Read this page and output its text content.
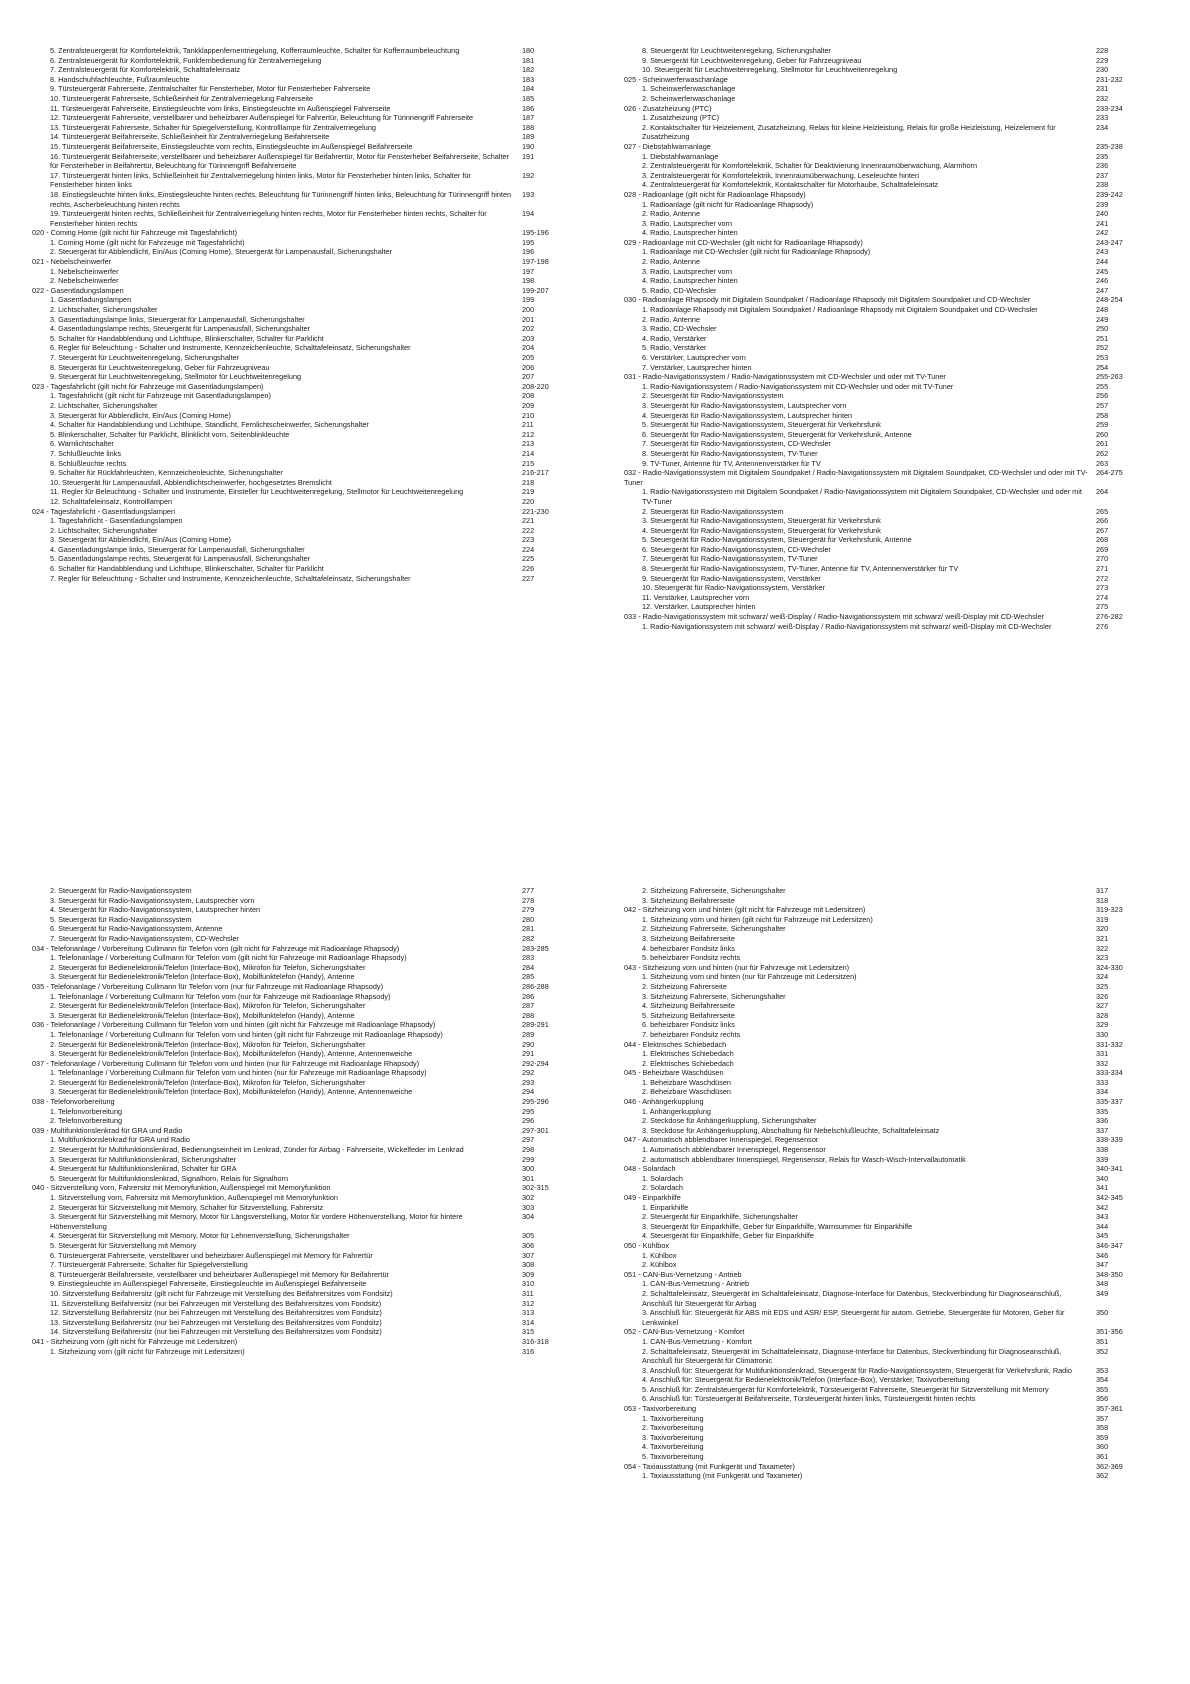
5. Zentralsteuergerät für Komfortelektrik, Tankklappenfernentriegelung, Kofferraumleuchte, Schalter für Kofferraumbeleuchtung	180
6. Zentralsteuergerät für Komfortelektrik, Funkfernbedienung für Zentralverriegelung	181
7. Zentralsteuergerät für Komfortelektrik, Schalttafeleinsatz	182
8. Handschuhfachleuchte, Fußraumleuchte	183
9. Türsteuergerät Fahrerseite, Zentralschalter für Fensterheber, Motor für Fensterheber Fahrerseite	184
10. Türsteuergerät Fahrerseite, Schließeinheit für Zentralverriegelung Fahrerseite	185
11. Türsteuergerät Fahrerseite, Einstiegsleuchte vorn links, Einstiegsleuchte im Außenspiegel Fahrerseite	186
12. Türsteuergerät Fahrerseite, verstellbarer und beheizbarer Außenspiegel für Fahrertür, Beleuchtung für Türinnengriff Fahrerseite	187
13. Türsteuergerät Fahrerseite, Schalter für Spiegelverstellung, Kontrolllampe für Zentralverriegelung	188
14. Türsteuergerät Beifahrerseite, Schließeinheit für Zentralverriegelung Beifahrerseite	189
15. Türsteuergerät Beifahrerseite, Einstiegsleuchte vorn rechts, Einstiegsleuchte im Außenspiegel Beifahrerseite	190
16. Türsteuergerät Beifahrerseite, verstellbarer und beheizbarer Außenspiegel für Beifahrertür, Motor für Fensterheber Beifahrerseite, Schalter für Fensterheber in Beifahrertür, Beleuchtung für Türinnengriff Beifahrerseite
191
17. Türsteuergerät hinten links, Schließeinheit für Zentralverriegelung hinten links, Motor für Fensterheber hinten links, Schalter für Fensterheber hinten links
192
18. Einstiegsleuchte hinten links, Einstiegsleuchte hinten rechts, Beleuchtung für Türinnengriff hinten links, Beleuchtung für Türinnengriff hinten rechts, Ascherbeleuchtung hinten rechts
193
19. Türsteuergerät hinten rechts, Schließeinheit für Zentralverriegelung hinten rechts, Motor für Fensterheber hinten rechts, Schalter für Fensterheber hinten rechts
194
020 - Coming Home (gilt nicht für Fahrzeuge mit Tagesfahrlicht)	195-196
1. Coming Home (gilt nicht für Fahrzeuge mit Tagesfahrlicht)	195
2. Steuergerät für Abblendlicht, Ein/Aus (Coming Home), Steuergerät für Lampenausfall, Sicherungshalter	196
021 - Nebelscheinwerfer	197-198
1. Nebelscheinwerfer	197
2. Nebelscheinwerfer	198
022 - Gasentladungslampen	199-207
1. Gasentladungslampen	199
2. Lichtschalter, Sicherungshalter	200
3. Gasentladungslampe links, Steuergerät für Lampenausfall, Sicherungshalter	201
4. Gasentladungslampe rechts, Steuergerät für Lampenausfall, Sicherungshalter	202
5. Schalter für Handabblendung und Lichthupe, Blinkerschalter, Schalter für Parklicht	203
6. Regler für Beleuchtung - Schalter und Instrumente, Kennzeichenleuchte, Schalttafeleinsatz, Sicherungshalter	204
7. Steuergerät für Leuchtweitenregelung, Sicherungshalter	205
8. Steuergerät für Leuchtweitenregelung, Geber für Fahrzeugniveau	206
9. Steuergerät für Leuchtweitenregelung, Stellmotor für Leuchtweitenregelung	207
023 - Tagesfahrlicht (gilt nicht für Fahrzeuge mit Gasentladungslampen)	208-220
1. Tagesfahrlicht (gilt nicht für Fahrzeuge mit Gasentladungslampen)	208
2. Lichtschalter, Sicherungshalter	209
3. Steuergerät für Abblendlicht, Ein/Aus (Coming Home)	210
4. Schalter für Handabblendung und Lichthupe, Standlicht, Fernlichtscheinwerfer, Sicherungshalter	211
5. Blinkerschalter, Schalter für Parklicht, Blinklicht vorn, Seitenblinkleuchte	212
6. Warnlichtschalter	213
7. Schlußleuchte links	214
8. Schlußleuchte rechts	215
9. Schalter für Rückfahrleuchten, Kennzeichenleuchte, Sicherungshalter	216-217
10. Steuergerät für Lampenausfall, Abblendlichtscheinwerfer, hochgesetztes Bremslicht	218
11. Regler für Beleuchtung - Schalter und Instrumente, Einsteller für Leuchtweitenregelung, Stellmotor für Leuchtweitenregelung	219
12. Schalttafeleinsatz, Kontrolllampen	220
024 - Tagesfahrlicht - Gasentladungslampen	221-230
1. Tagesfahrlicht - Gasentladungslampen	221
2. Lichtschalter, Sicherungshalter	222
3. Steuergerät für Abblendlicht, Ein/Aus (Coming Home)	223
4. Gasentladungslampe links, Steuergerät für Lampenausfall, Sicherungshalter	224
5. Gasentladungslampe rechts, Steuergerät für Lampenausfall, Sicherungshalter	225
6. Schalter für Handabblendung und Lichthupe, Blinkerschalter, Schalter für Parklicht	226
7. Regler für Beleuchtung - Schalter und Instrumente, Kennzeichenleuchte, Schalttafeleinsatz, Sicherungshalter	227
8. Steuergerät für Leuchtweitenregelung, Sicherungshalter	228
9. Steuergerät für Leuchtweitenregelung, Geber für Fahrzeugniveau	229
10. Steuergerät für Leuchtweitenregelung, Stellmotor für Leuchtweitenregelung	230
025 - Scheinwerferwaschanlage	231-232
1. Scheinwerferwaschanlage	231
2. Scheinwerferwaschanlage	232
026 - Zusatzheizung (PTC)	233-234
1. Zusatzheizung (PTC)	233
2. Kontaktschalter für Heizelement, Zusatzheizung, Relais für kleine Heizleistung, Relais für große Heizleistung, Heizelement für Zusatzheizung
234
027 - Diebstahlwarnanlage	235-238
1. Diebstahlwarnanlage	235
2. Zentralsteuergerät für Komfortelektrik, Schalter für Deaktivierung Innenraumüberwachung, Alarmhorn	236
3. Zentralsteuergerät für Komfortelektrik, Innenraumüberwachung, Leseleuchte hinten	237
4. Zentralsteuergerät für Komfortelektrik, Kontaktschalter für Motorhaube, Schalttafeleinsatz	238
028 - Radioanlage (gilt nicht für Radioanlage Rhapsody)	239-242
1. Radioanlage (gilt nicht für Radioanlage Rhapsody)	239
2. Radio, Antenne	240
3. Radio, Lautsprecher vorn	241
4. Radio, Lautsprecher hinten	242
029 - Radioanlage mit CD-Wechsler (gilt nicht für Radioanlage Rhapsody)	243-247
1. Radioanlage mit CD-Wechsler (gilt nicht für Radioanlage Rhapsody)	243
2. Radio, Antenne	244
3. Radio, Lautsprecher vorn	245
4. Radio, Lautsprecher hinten	246
5. Radio, CD-Wechsler	247
030 - Radioanlage Rhapsody mit Digitalem Soundpaket / Radioanlage Rhapsody mit Digitalem Soundpaket und CD-Wechsler	248-254
1. Radioanlage Rhapsody mit Digitalem Soundpaket / Radioanlage Rhapsody mit Digitalem Soundpaket und CD-Wechsler	248
2. Radio, Antenne	249
3. Radio, CD-Wechsler	250
4. Radio, Verstärker	251
5. Radio, Verstärker	252
6. Verstärker, Lautsprecher vorn	253
7. Verstärker, Lautsprecher hinten	254
031 - Radio-Navigationssystem / Radio-Navigationssystem mit CD-Wechsler und oder mit TV-Tuner	255-263
1. Radio-Navigationssystem / Radio-Navigationssystem mit CD-Wechsler und oder mit TV-Tuner	255
2. Steuergerät für Radio-Navigationssystem	256
3. Steuergerät für Radio-Navigationssystem, Lautsprecher vorn	257
4. Steuergerät für Radio-Navigationssystem, Lautsprecher hinten	258
5. Steuergerät für Radio-Navigationssystem, Steuergerät für Verkehrsfunk	259
6. Steuergerät für Radio-Navigationssystem, Steuergerät für Verkehrsfunk, Antenne	260
7. Steuergerät für Radio-Navigationssystem, CD-Wechsler	261
8. Steuergerät für Radio-Navigationssystem, TV-Tuner	262
9. TV-Tuner, Antenne für TV, Antennenverstärker für TV	263
032 - Radio-Navigationssystem mit Digitalem Soundpaket / Radio-Navigationssystem mit Digitalem Soundpaket, CD-Wechsler und oder mit TV-Tuner
264-275
1. Radio-Navigationssystem mit Digitalem Soundpaket / Radio-Navigationssystem mit Digitalem Soundpaket, CD-Wechsler und oder mit TV-Tuner
264
2. Steuergerät für Radio-Navigationssystem	265
3. Steuergerät für Radio-Navigationssystem, Steuergerät für Verkehrsfunk	266
4. Steuergerät für Radio-Navigationssystem, Steuergerät für Verkehrsfunk	267
5. Steuergerät für Radio-Navigationssystem, Steuergerät für Verkehrsfunk, Antenne	268
6. Steuergerät für Radio-Navigationssystem, CD-Wechsler	269
7. Steuergerät für Radio-Navigationssystem, TV-Tuner	270
8. Steuergerät für Radio-Navigationssystem, TV-Tuner, Antenne für TV, Antennenverstärker für TV	271
9. Steuergerät für Radio-Navigationssystem, Verstärker	272
10. Steuergerät für Radio-Navigationssystem, Verstärker	273
11. Verstärker, Lautsprecher vorn	274
12. Verstärker, Lautsprecher hinten	275
033 - Radio-Navigationssystem mit schwarz/ weiß-Display / Radio-Navigationssystem mit schwarz/ weiß-Display mit CD-Wechsler	276-282
1. Radio-Navigationssystem mit schwarz/ weiß-Display / Radio-Navigationssystem mit schwarz/ weiß-Display mit CD-Wechsler	276
2. Steuergerät für Radio-Navigationssystem	277
3. Steuergerät für Radio-Navigationssystem, Lautsprecher vorn	278
4. Steuergerät für Radio-Navigationssystem, Lautsprecher hinten	279
5. Steuergerät für Radio-Navigationssystem	280
6. Steuergerät für Radio-Navigationssystem, Antenne	281
7. Steuergerät für Radio-Navigationssystem, CD-Wechsler	282
034 - Telefonanlage / Vorbereitung Cullmann für Telefon vorn (gilt nicht für Fahrzeuge mit Radioanlage Rhapsody)	283-285
1. Telefonanlage / Vorbereitung Cullmann für Telefon vorn (gilt nicht für Fahrzeuge mit Radioanlage Rhapsody)	283
2. Steuergerät für Bedienelektronik/Telefon (Interface-Box), Mikrofon für Telefon, Sicherungshalter	284
3. Steuergerät für Bedienelektronik/Telefon (Interface-Box), Mobilfunktelefon (Handy), Antenne	285
035 - Telefonanlage / Vorbereitung Cullmann für Telefon vorn (nur für Fahrzeuge mit Radioanlage Rhapsody)	286-288
1. Telefonanlage / Vorbereitung Cullmann für Telefon vorn (nur für Fahrzeuge mit Radioanlage Rhapsody)	286
2. Steuergerät für Bedienelektronik/Telefon (Interface-Box), Mikrofon für Telefon, Sicherungshalter	287
3. Steuergerät für Bedienelektronik/Telefon (Interface-Box), Mobilfunktelefon (Handy), Antenne	288
036 - Telefonanlage / Vorbereitung Cullmann für Telefon vorn und hinten (gilt nicht für Fahrzeuge mit Radioanlage Rhapsody)	289-291
1. Telefonanlage / Vorbereitung Cullmann für Telefon vorn und hinten (gilt nicht für Fahrzeuge mit Radioanlage Rhapsody)	289
2. Steuergerät für Bedienelektronik/Telefon (Interface-Box), Mikrofon für Telefon, Sicherungshalter	290
3. Steuergerät für Bedienelektronik/Telefon (Interface-Box), Mobilfunktelefon (Handy), Antenne, Antennenweiche	291
037 - Telefonanlage / Vorbereitung Cullmann für Telefon vorn und hinten (nur für Fahrzeuge mit Radioanlage Rhapsody)	292-294
1. Telefonanlage / Vorbereitung Cullmann für Telefon vorn und hinten (nur für Fahrzeuge mit Radioanlage Rhapsody)	292
2. Steuergerät für Bedienelektronik/Telefon (Interface-Box), Mikrofon für Telefon, Sicherungshalter	293
3. Steuergerät für Bedienelektronik/Telefon (Interface-Box), Mobilfunktelefon (Handy), Antenne, Antennenweiche	294
038 - Telefonvorbereitung	295-296
1. Telefonvorbereitung	295
2. Telefonvorbereitung	296
039 - Multifunktionslenkrad für GRA und Radio	297-301
1. Multifunktionslenkrad für GRA und Radio	297
2. Steuergerät für Multifunktionslenkrad, Bedienungseinheit im Lenkrad, Zünder für Airbag - Fahrerseite, Wickelfeder im Lenkrad	298
3. Steuergerät für Multifunktionslenkrad, Sicherungshalter	299
4. Steuergerät für Multifunktionslenkrad, Schalter für GRA	300
5. Steuergerät für Multifunktionslenkrad, Signalhorn, Relais für Signalhorn	301
040 - Sitzverstellung vorn, Fahrersitz mit Memoryfunktion, Außenspiegel mit Memoryfunktion	302-315
1. Sitzverstellung vorn, Fahrersitz mit Memoryfunktion, Außenspiegel mit Memoryfunktion	302
2. Steuergerät für Sitzverstellung mit Memory, Schalter für Sitzverstellung, Fahrersitz	303
3. Steuergerät für Sitzverstellung mit Memory, Motor für Längsverstellung, Motor für vordere Höhenverstellung, Motor für hintere Höhenverstellung
304
4. Steuergerät für Sitzverstellung mit Memory, Motor für Lehnenverstellung, Sicherungshalter	305
5. Steuergerät für Sitzverstellung mit Memory	306
6. Türsteuergerät Fahrerseite, verstellbarer und beheizbarer Außenspiegel mit Memory für Fahrertür	307
7. Türsteuergerät Fahrerseite, Schalter für Spiegelverstellung	308
8. Türsteuergerät Beifahrerseite, verstellbarer und beheizbarer Außenspiegel mit Memory für Beifahrertür	309
9. Einstiegsleuchte im Außenspiegel Fahrerseite, Einstiegsleuchte im Außenspiegel Beifahrerseite	310
10. Sitzverstellung Beifahrersitz (gilt nicht für Fahrzeuge mit Verstellung des Beifahrersitzes vom Fondsitz)	311
11. Sitzverstellung Beifahrersitz (nur bei Fahrzeugen mit Verstellung des Beifahrersitzes vom Fondsitz)	312
12. Sitzverstellung Beifahrersitz (nur bei Fahrzeugen mit Verstellung des Beifahrersitzes vom Fondsitz)	313
13. Sitzverstellung Beifahrersitz (nur bei Fahrzeugen mit Verstellung des Beifahrersitzes vom Fondsitz)	314
14. Sitzverstellung Beifahrersitz (nur bei Fahrzeugen mit Verstellung des Beifahrersitzes vom Fondsitz)	315
041 - Sitzheizung vorn (gilt nicht für Fahrzeuge mit Ledersitzen)	316-318
1. Sitzheizung vorn (gilt nicht für Fahrzeuge mit Ledersitzen)	316
2. Sitzheizung Fahrerseite, Sicherungshalter	317
3. Sitzheizung Beifahrerseite	318
042 - Sitzheizung vorn und hinten (gilt nicht für Fahrzeuge mit Ledersitzen)	319-323
1. Sitzheizung vorn und hinten (gilt nicht für Fahrzeuge mit Ledersitzen)	319
2. Sitzheizung Fahrerseite, Sicherungshalter	320
3. Sitzheizung Beifahrerseite	321
4. beheizbarer Fondsitz links	322
5. beheizbarer Fondsitz rechts	323
043 - Sitzheizung vorn und hinten (nur für Fahrzeuge mit Ledersitzen)	324-330
1. Sitzheizung vorn und hinten (nur für Fahrzeuge mit Ledersitzen)	324
2. Sitzheizung Fahrerseite	325
3. Sitzheizung Fahrerseite, Sicherungshalter	326
4. Sitzheizung Beifahrerseite	327
5. Sitzheizung Beifahrerseite	328
6. beheizbarer Fondsitz links	329
7. beheizbarer Fondsitz rechts	330
044 - Elektrisches Schiebedach	331-332
1. Elektrisches Schiebedach	331
2. Elektrisches Schiebedach	332
045 - Beheizbare Waschdüsen	333-334
1. Beheizbare Waschdüsen	333
2. Beheizbare Waschdüsen	334
046 - Anhängerkupplung	335-337
1. Anhängerkupplung	335
2. Steckdose für Anhängerkupplung, Sicherungshalter	336
3. Steckdose für Anhängerkupplung, Abschaltung für Nebelschlußleuchte, Schalttafeleinsatz	337
047 - Automatisch abblendbarer Innenspiegel, Regensensor	338-339
1. Automatisch abblendbarer Innenspiegel, Regensensor	338
2. automatisch abblendbarer Innenspiegel, Regensensor, Relais für Wasch-Wisch-Intervallautomatik	339
048 - Solardach	340-341
1. Solardach	340
2. Solardach	341
049 - Einparkhilfe	342-345
1. Einparkhilfe	342
2. Steuergerät für Einparkhilfe, Sicherungshalter	343
3. Steuergerät für Einparkhilfe, Geber für Einparkhilfe, Warnsummer für Einparkhilfe	344
4. Steuergerät für Einparkhilfe, Geber für Einparkhilfe	345
050 - Kühlbox	346-347
1. Kühlbox	346
2. Kühlbox	347
051 - CAN-Bus-Vernetzung - Antrieb	348-350
1. CAN-Bus-Vernetzung - Antrieb	348
2. Schalttafeleinsatz, Steuergerät im Schalttafeleinsatz, Diagnose-Interface für Datenbus, Steckverbindung für Diagnoseanschluß, Anschluß für Steuergerät für Airbag
349
3. Anschluß für: Steuergerät für ABS mit EDS und ASR/ ESP, Steuergerät für autom. Getriebe, Steuergeräte für Motoren, Geber für Lenkwinkel
350
052 - CAN-Bus-Vernetzung - Komfort	351-356
1. CAN-Bus-Vernetzung - Komfort	351
2. Schalttafeleinsatz, Steuergerät im Schalttafeleinsatz, Diagnose-Interface für Datenbus, Steckverbindung für Diagnoseanschluß, Anschluß für Steuergerät für Climatronic
352
3. Anschluß für: Steuergerät für Multifunktionslenkrad, Steuergerät für Radio-Navigationssystem, Steuergerät für Verkehrsfunk, Radio	353
4. Anschluß für: Steuergerät für Bedienelektronik/Telefon (Interface-Box), Verstärker, Taxivorbereitung	354
5. Anschluß für: Zentralsteuergerät für Komfortelektrik, Türsteuergerät Fahrerseite, Steuergerät für Sitzverstellung mit Memory	355
6. Anschluß für: Türsteuergerät Beifahrerseite, Türsteuergerät hinten links, Türsteuergerät hinten rechts	356
053 - Taxivorbereitung	357-361
1. Taxivorbereitung	357
2. Taxivorbereitung	358
3. Taxivorbereitung	359
4. Taxivorbereitung	360
5. Taxivorbereitung	361
054 - Taxiausstattung (mit Funkgerät und Taxameter)	362-369
1. Taxiausstattung (mit Funkgerät und Taxameter)	362
